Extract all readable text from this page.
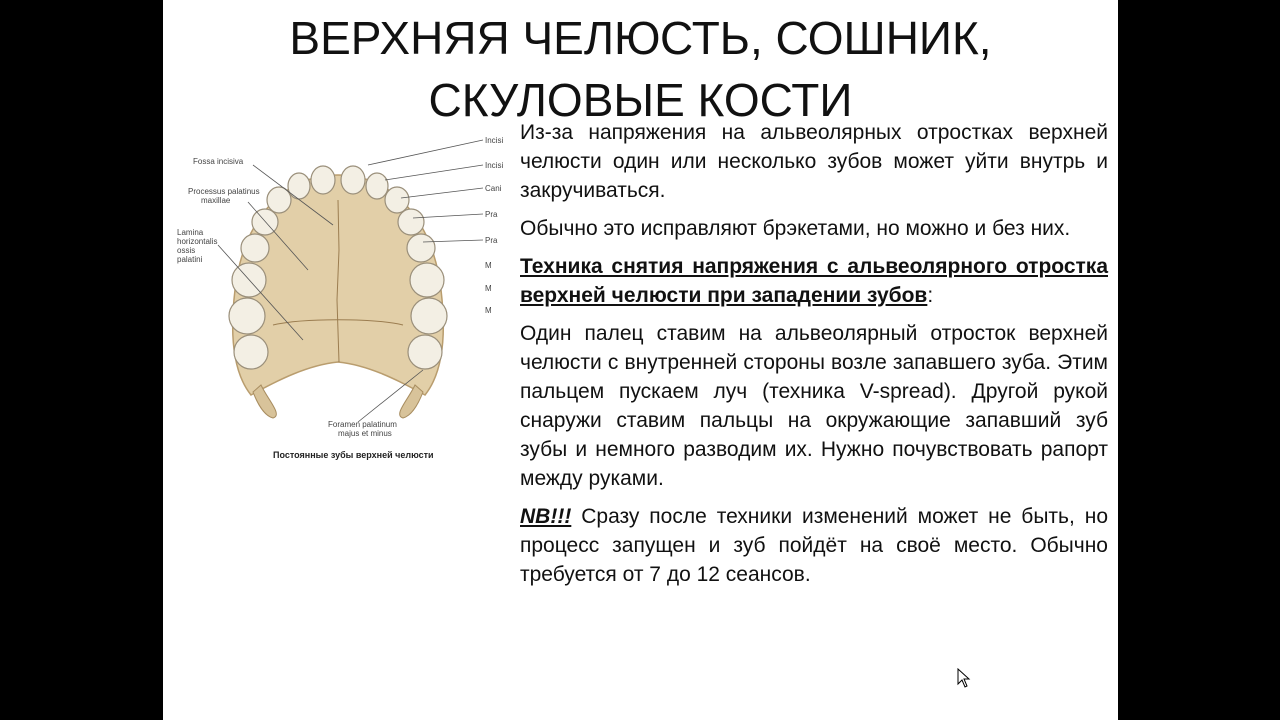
ВЕРХНЯЯ ЧЕЛЮСТЬ, СОШНИК,
СКУЛОВЫЕ КОСТИ
Fossa incisiva
Processus palatinus
maxillae
Lamina
horizontalis
ossis
palatini
Foramen palatinum
majus et minus
Incisi
Incisi
Cani
Pra
Pra
M
M
M
Постоянные зубы верхней челюсти

Из-за напряжения на альвеолярных отростках верхней челюсти один или несколько зубов может уйти внутрь и закручиваться.

Обычно это исправляют брэкетами, но можно и без них.

Техника снятия напряжения с альвеолярного отростка верхней челюсти при западении зубов:

Один палец ставим на альвеолярный отросток верхней челюсти с внутренней стороны возле запавшего зуба. Этим пальцем пускаем луч (техника V-spread). Другой рукой снаружи ставим пальцы на окружающие запавший зуб зубы и немного разводим их. Нужно почувствовать рапорт между руками.

NB!!! Сразу после техники изменений может не быть, но процесс запущен и зуб пойдёт на своё место. Обычно требуется от 7 до 12 сеансов.
